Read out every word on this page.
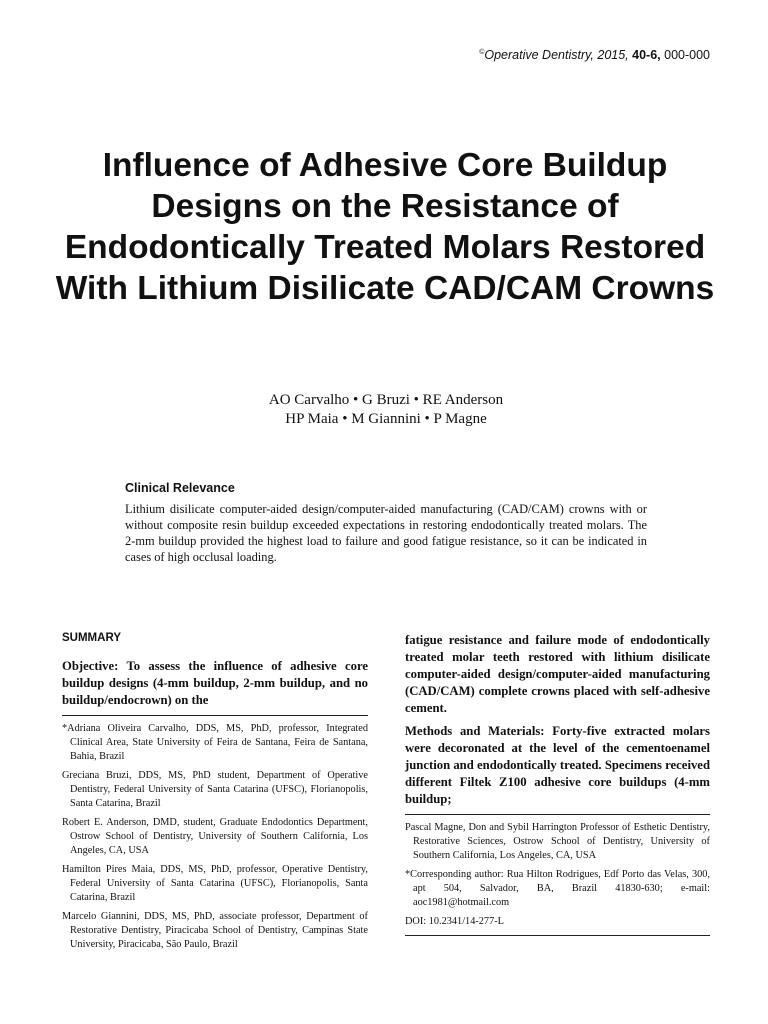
©Operative Dentistry, 2015, 40-6, 000-000
Influence of Adhesive Core Buildup Designs on the Resistance of Endodontically Treated Molars Restored With Lithium Disilicate CAD/CAM Crowns
AO Carvalho • G Bruzi • RE Anderson
HP Maia • M Giannini • P Magne
Clinical Relevance

Lithium disilicate computer-aided design/computer-aided manufacturing (CAD/CAM) crowns with or without composite resin buildup exceeded expectations in restoring endodontically treated molars. The 2-mm buildup provided the highest load to failure and good fatigue resistance, so it can be indicated in cases of high occlusal loading.

SUMMARY

Objective: To assess the influence of adhesive core buildup designs (4-mm buildup, 2-mm buildup, and no buildup/endocrown) on the

*Adriana Oliveira Carvalho, DDS, MS, PhD, professor, Integrated Clinical Area, State University of Feira de Santana, Feira de Santana, Bahia, Brazil

Greciana Bruzi, DDS, MS, PhD student, Department of Operative Dentistry, Federal University of Santa Catarina (UFSC), Florianopolis, Santa Catarina, Brazil

Robert E. Anderson, DMD, student, Graduate Endodontics Department, Ostrow School of Dentistry, University of Southern California, Los Angeles, CA, USA

Hamilton Pires Maia, DDS, MS, PhD, professor, Operative Dentistry, Federal University of Santa Catarina (UFSC), Florianopolis, Santa Catarina, Brazil

Marcelo Giannini, DDS, MS, PhD, associate professor, Department of Restorative Dentistry, Piracicaba School of Dentistry, Campinas State University, Piracicaba, São Paulo, Brazil

fatigue resistance and failure mode of endodontically treated molar teeth restored with lithium disilicate computer-aided design/computer-aided manufacturing (CAD/CAM) complete crowns placed with self-adhesive cement.

Methods and Materials: Forty-five extracted molars were decoronated at the level of the cementoenamel junction and endodontically treated. Specimens received different Filtek Z100 adhesive core buildups (4-mm buildup;

Pascal Magne, Don and Sybil Harrington Professor of Esthetic Dentistry, Restorative Sciences, Ostrow School of Dentistry, University of Southern California, Los Angeles, CA, USA

*Corresponding author: Rua Hilton Rodrigues, Edf Porto das Velas, 300, apt 504, Salvador, BA, Brazil 41830-630; e-mail: aoc1981@hotmail.com

DOI: 10.2341/14-277-L
